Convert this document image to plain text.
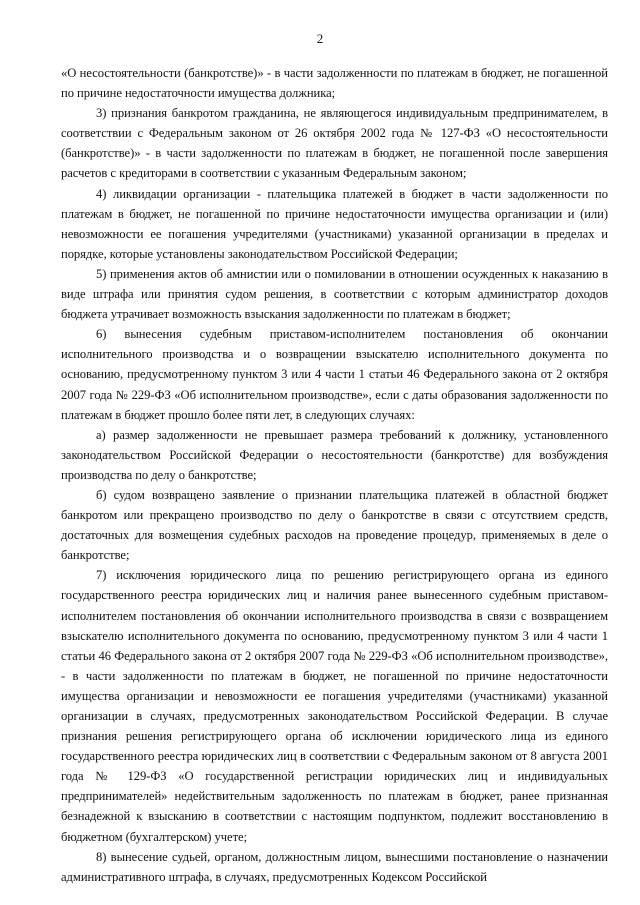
2

«О несостоятельности (банкротстве)» - в части задолженности по платежам в бюджет, не погашенной по причине недостаточности имущества должника;

3) признания банкротом гражданина, не являющегося индивидуальным предпринимателем, в соответствии с Федеральным законом от 26 октября 2002 года № 127-ФЗ «О несостоятельности (банкротстве)» - в части задолженности по платежам в бюджет, не погашенной после завершения расчетов с кредиторами в соответствии с указанным Федеральным законом;

4) ликвидации организации - плательщика платежей в бюджет в части задолженности по платежам в бюджет, не погашенной по причине недостаточности имущества организации и (или) невозможности ее погашения учредителями (участниками) указанной организации в пределах и порядке, которые установлены законодательством Российской Федерации;

5) применения актов об амнистии или о помиловании в отношении осужденных к наказанию в виде штрафа или принятия судом решения, в соответствии с которым администратор доходов бюджета утрачивает возможность взыскания задолженности по платежам в бюджет;

6) вынесения судебным приставом-исполнителем постановления об окончании исполнительного производства и о возвращении взыскателю исполнительного документа по основанию, предусмотренному пунктом 3 или 4 части 1 статьи 46 Федерального закона от 2 октября 2007 года № 229-ФЗ «Об исполнительном производстве», если с даты образования задолженности по платежам в бюджет прошло более пяти лет, в следующих случаях:

а) размер задолженности не превышает размера требований к должнику, установленного законодательством Российской Федерации о несостоятельности (банкротстве) для возбуждения производства по делу о банкротстве;

б) судом возвращено заявление о признании плательщика платежей в областной бюджет банкротом или прекращено производство по делу о банкротстве в связи с отсутствием средств, достаточных для возмещения судебных расходов на проведение процедур, применяемых в деле о банкротстве;

7) исключения юридического лица по решению регистрирующего органа из единого государственного реестра юридических лиц и наличия ранее вынесенного судебным приставом-исполнителем постановления об окончании исполнительного производства в связи с возвращением взыскателю исполнительного документа по основанию, предусмотренному пунктом 3 или 4 части 1 статьи 46 Федерального закона от 2 октября 2007 года № 229-ФЗ «Об исполнительном производстве», - в части задолженности по платежам в бюджет, не погашенной по причине недостаточности имущества организации и невозможности ее погашения учредителями (участниками) указанной организации в случаях, предусмотренных законодательством Российской Федерации. В случае признания решения регистрирующего органа об исключении юридического лица из единого государственного реестра юридических лиц в соответствии с Федеральным законом от 8 августа 2001 года № 129-ФЗ «О государственной регистрации юридических лиц и индивидуальных предпринимателей» недействительным задолженность по платежам в бюджет, ранее признанная безнадежной к взысканию в соответствии с настоящим подпунктом, подлежит восстановлению в бюджетном (бухгалтерском) учете;

8) вынесение судьей, органом, должностным лицом, вынесшими постановление о назначении административного штрафа, в случаях, предусмотренных Кодексом Российской
